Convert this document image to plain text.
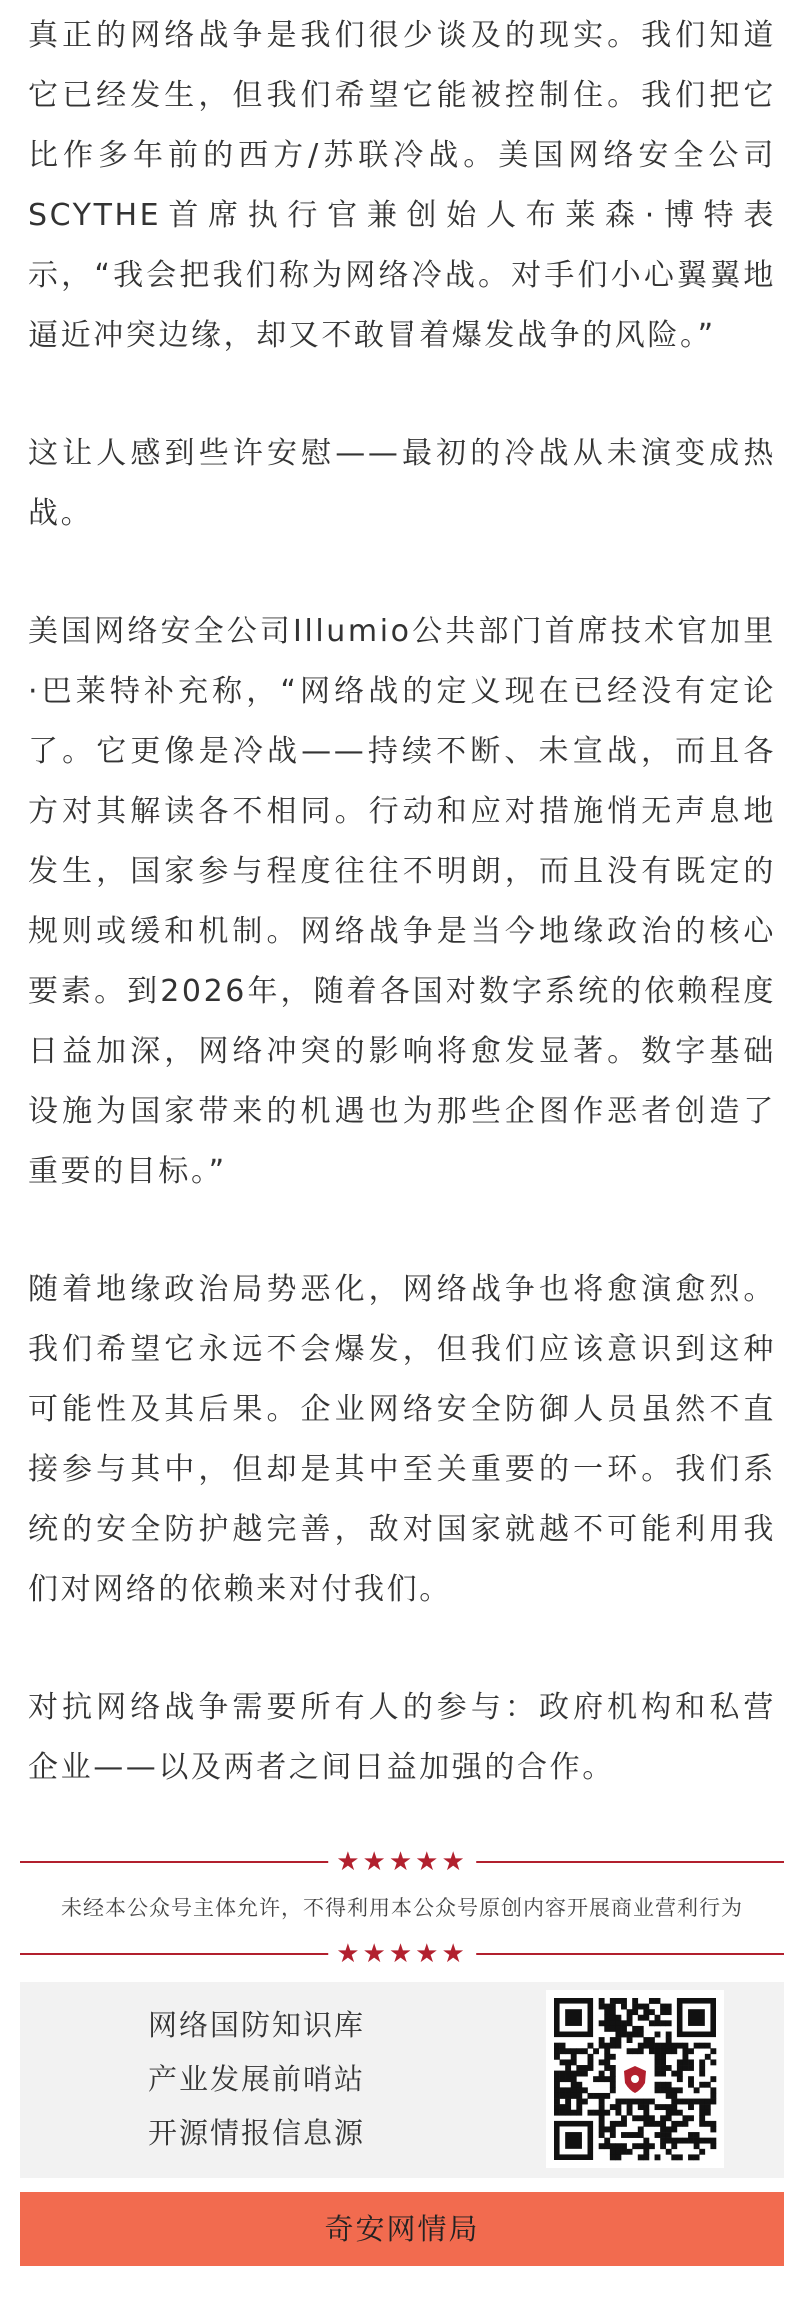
真正的网络战争是我们很少谈及的现实。我们知道它已经发生，但我们希望它能被控制住。我们把它比作多年前的西方/苏联冷战。美国网络安全公司SCYTHE首席执行官兼创始人布莱森·博特表示，“我会把我们称为网络冷战。对手们小心翼翼地逼近冲突边缘，却又不敢冒着爆发战争的风险。”

这让人感到些许安慰——最初的冷战从未演变成热战。

美国网络安全公司Illumio公共部门首席技术官加里·巴莱特补充称，“网络战的定义现在已经没有定论了。它更像是冷战——持续不断、未宣战，而且各方对其解读各不相同。行动和应对措施悄无声息地发生，国家参与程度往往不明朗，而且没有既定的规则或缓和机制。网络战争是当今地缘政治的核心要素。到2026年，随着各国对数字系统的依赖程度日益加深，网络冲突的影响将愈发显著。数字基础设施为国家带来的机遇也为那些企图作恶者创造了重要的目标。”

随着地缘政治局势恶化，网络战争也将愈演愈烈。我们希望它永远不会爆发，但我们应该意识到这种可能性及其后果。企业网络安全防御人员虽然不直接参与其中，但却是其中至关重要的一环。我们系统的安全防护越完善，敌对国家就越不可能利用我们对网络的依赖来对付我们。

对抗网络战争需要所有人的参与：政府机构和私营企业——以及两者之间日益加强的合作。

★★★★★
未经本公众号主体允许，不得利用本公众号原创内容开展商业营利行为
★★★★★
网络国防知识库
产业发展前哨站
开源情报信息源
奇安网情局
